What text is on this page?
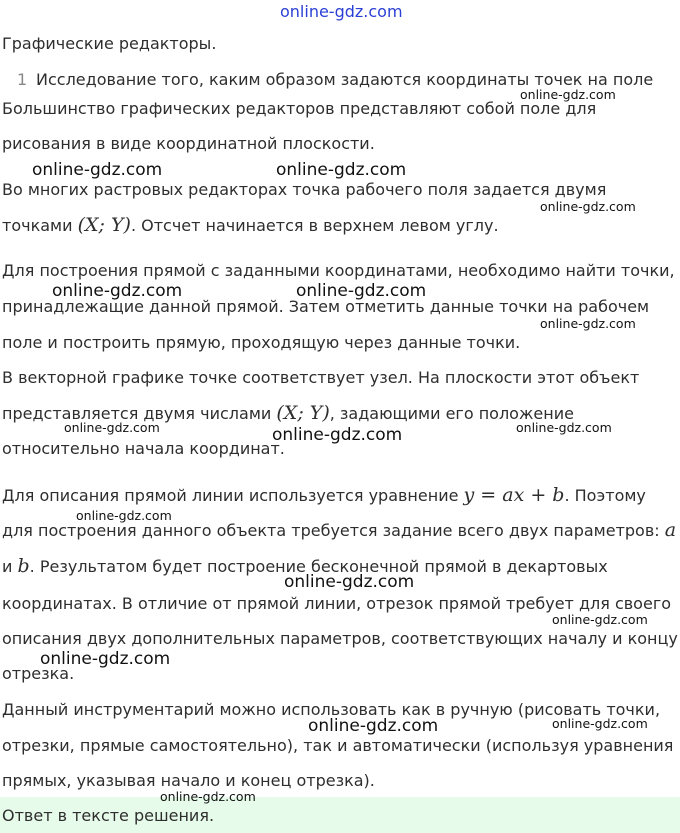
online-gdz.com
Графические редакторы.
1 Исследование того, каким образом задаются координаты точек на поле
Большинство графических редакторов представляют собой поле для
рисования в виде координатной плоскости.
Во многих растровых редакторах точка рабочего поля задается двумя
точками (X; Y). Отсчет начинается в верхнем левом углу.
Для построения прямой с заданными координатами, необходимо найти точки,
принадлежащие данной прямой. Затем отметить данные точки на рабочем
поле и построить прямую, проходящую через данные точки.
В векторной графике точке соответствует узел. На плоскости этот объект
представляется двумя числами (X; Y), задающими его положение
относительно начала координат.
Для описания прямой линии используется уравнение y = ax + b. Поэтому
для построения данного объекта требуется задание всего двух параметров: a
и b. Результатом будет построение бесконечной прямой в декартовых
координатах. В отличие от прямой линии, отрезок прямой требует для своего
описания двух дополнительных параметров, соответствующих началу и концу
отрезка.
Данный инструментарий можно использовать как в ручную (рисовать точки,
отрезки, прямые самостоятельно), так и автоматически (используя уравнения
прямых, указывая начало и конец отрезка).
Ответ в тексте решения.
online-gdz.com
online-gdz.com	online-gdz.com
online-gdz.com
online-gdz.com	online-gdz.com
online-gdz.com
online-gdz.com	online-gdz.com	online-gdz.com
online-gdz.com
online-gdz.com
online-gdz.com
online-gdz.com
online-gdz.com	online-gdz.com
online-gdz.com
